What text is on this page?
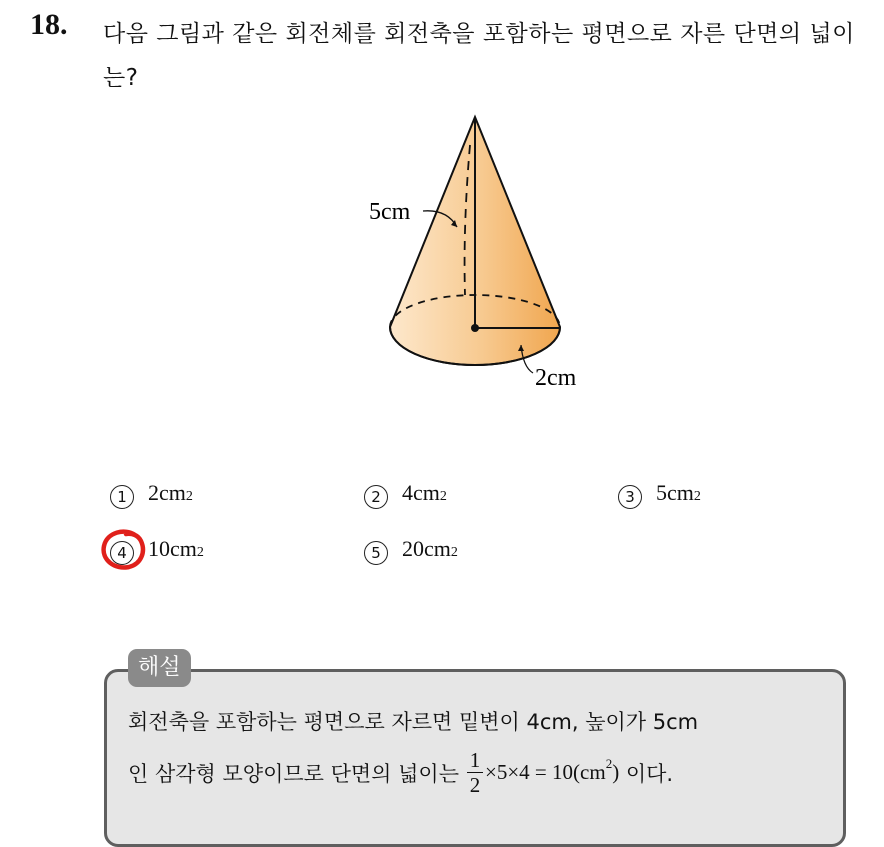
18. 다음 그림과 같은 회전체를 회전축을 포함하는 평면으로 자른 단면의 넓이는?
5cm
2cm
1 2cm 2	2 4cm 2	3 5cm 2
4 10cm 2	5 20cm 2
해설
회전축을 포함하는 평면으로 자르면 밑변이 4cm, 높이가 5cm
인 삼각형 모양이므로 단면의 넓이는 $\frac{1}{2} \times 5\times 4 = 10(cm^2$ ) 이다.
